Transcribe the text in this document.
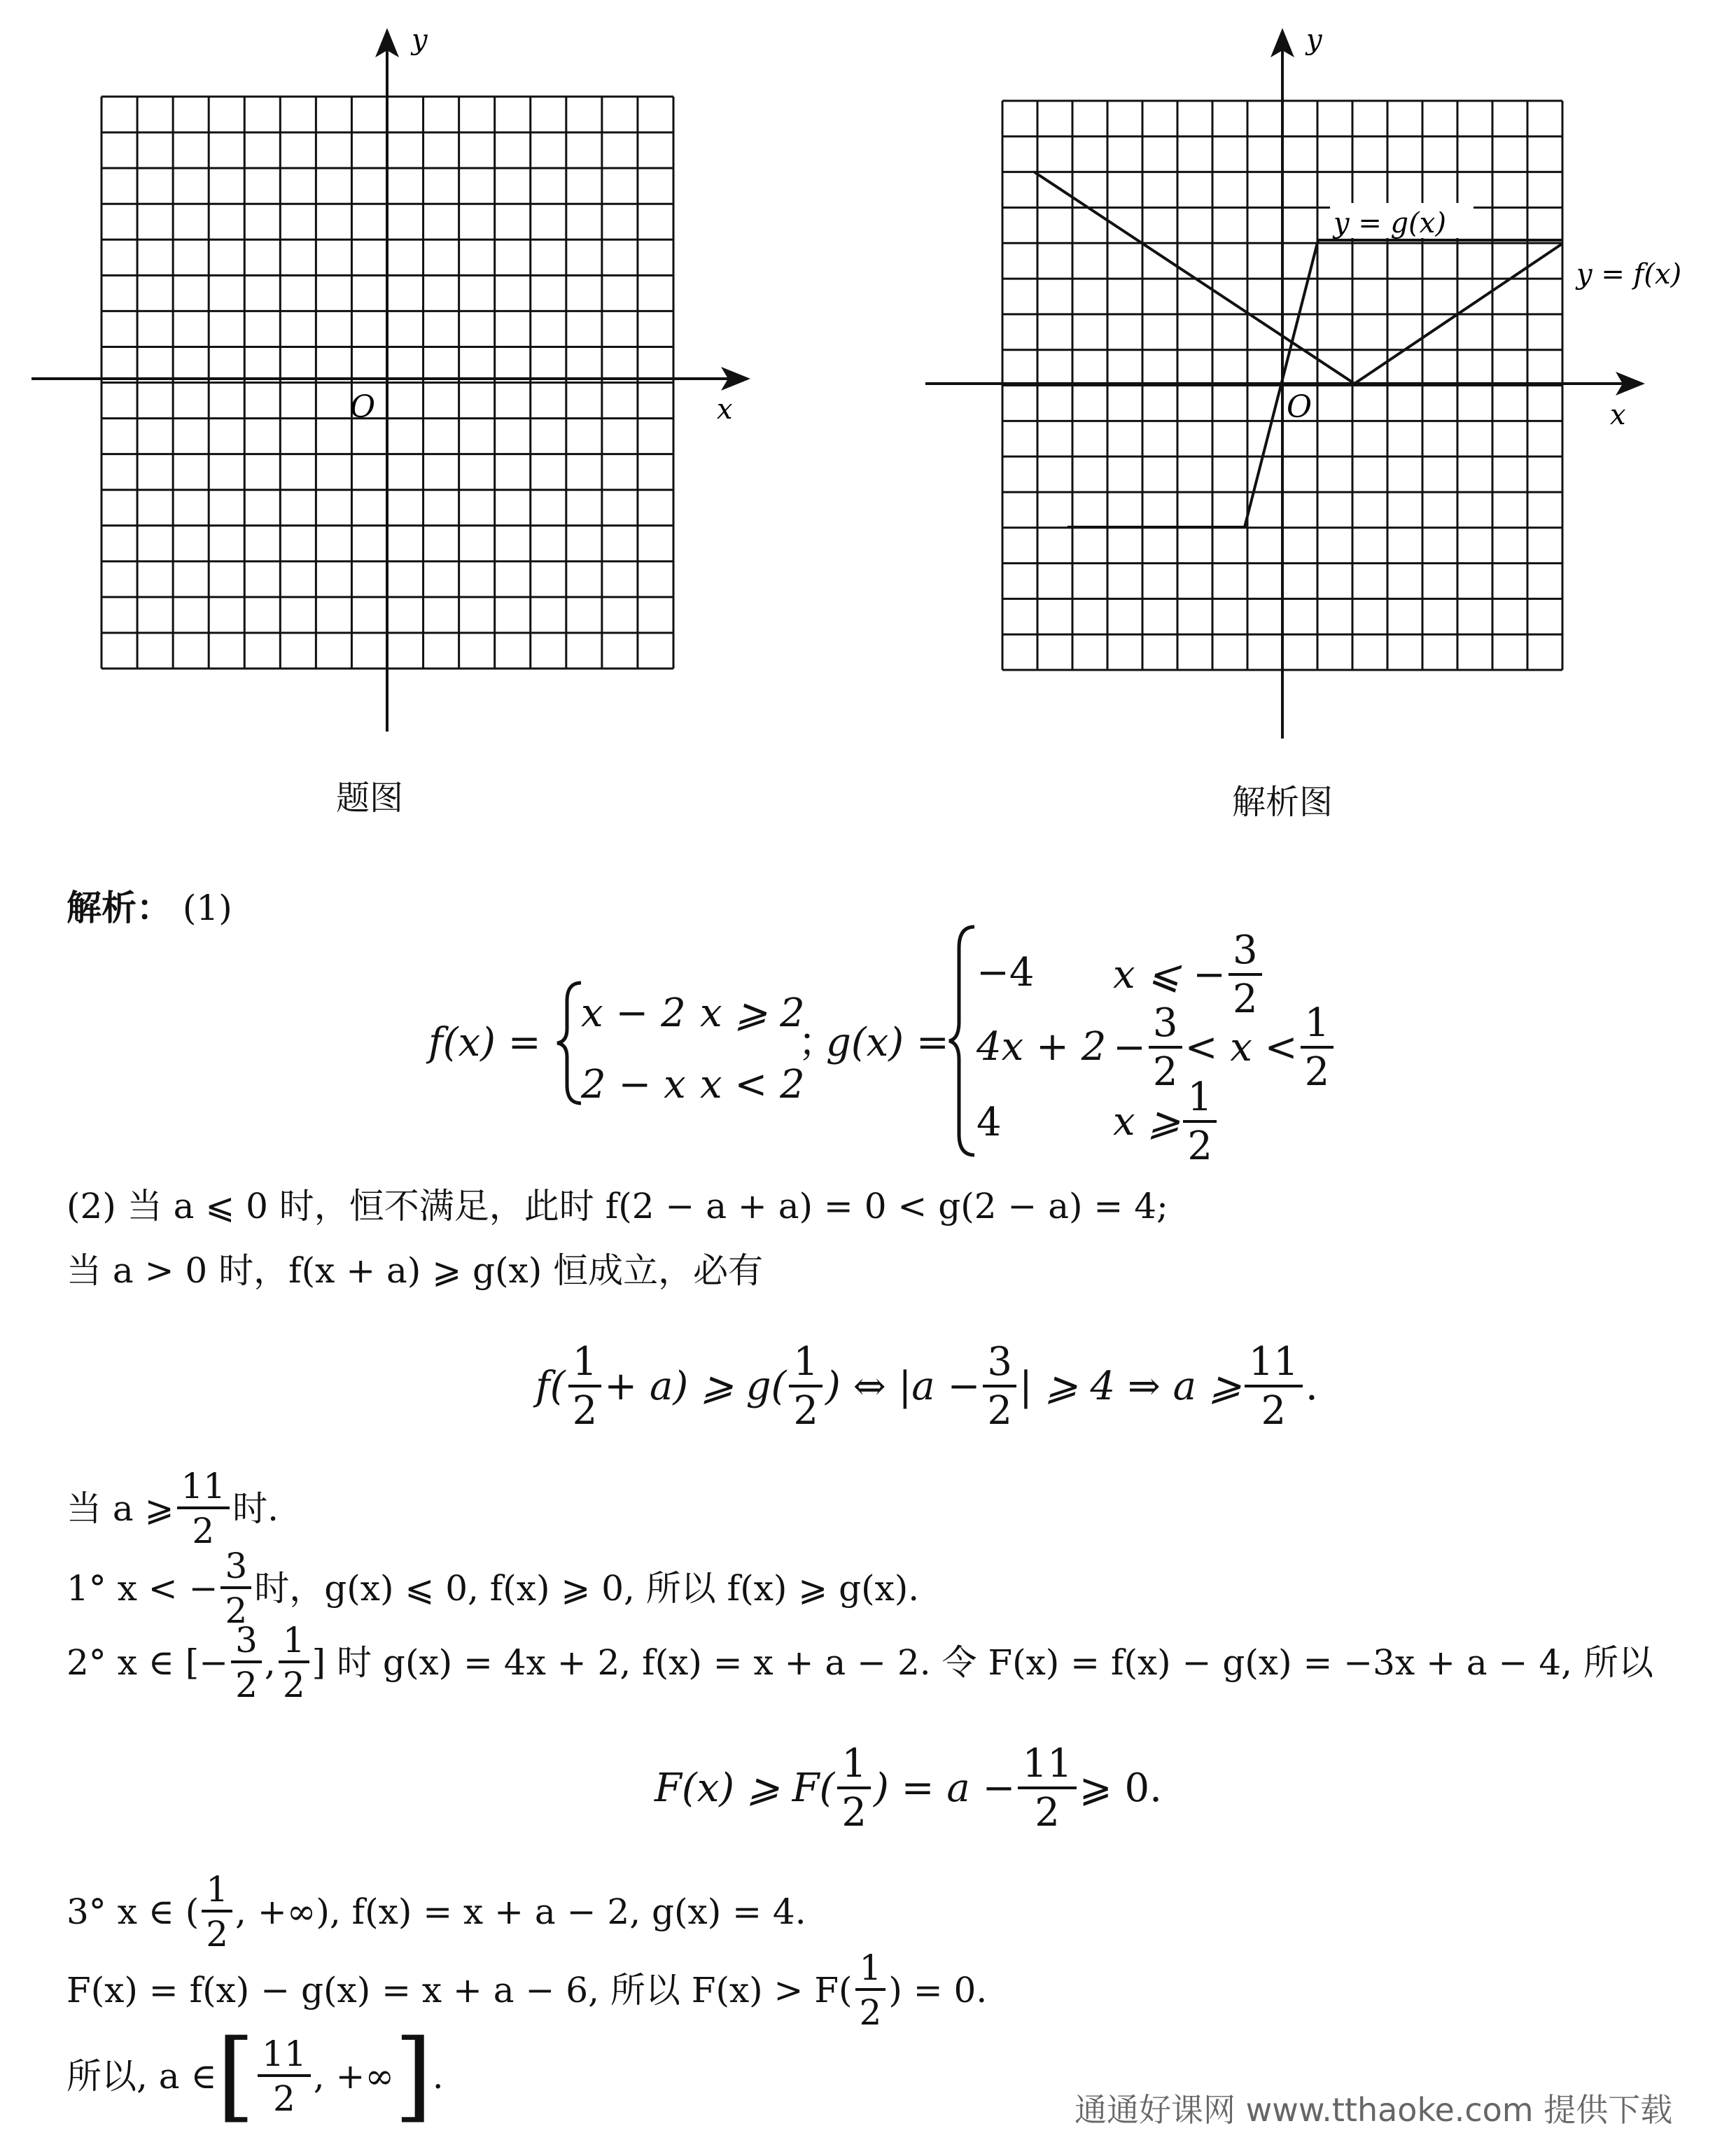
y
x
O
题图
y = g(x)
y = f(x)
y
x
O
解析图
解析： (1)
f(x) =
x − 2 x ⩾ 2
2 − x x < 2
；
g(x) =
−4 x ⩽ − $\frac{3}{2}$
$4x + 2 - \frac{3}{2} < x < \frac{1}{2}$
4	x ⩾ $\frac{1}{2}$
(2) 当 a ⩽ 0 时，恒不满足，此时 f(2 − a + a) = 0 < g(2 − a) = 4;
当 a > 0 时，f(x + a) ⩾ g(x) 恒成立，必有
$f( \frac{1}{2} + a)$ ⩾ $g( \frac{1}{2}$ ) ⇔ $|a - \frac{3}{2}$ | ⩾ 4 ⇒ a ⩾ $\frac{11}{2}$ .
当 a ⩾ $\frac{11}{2}$ 时.
1° x < − $\frac{3}{2}$ 时，g(x) ⩽ 0, f(x) ⩾ 0, 所以 f(x) ⩾ g(x).
2° x ∈ [− $\frac{3}{2}$ , $\frac{1}{2}$ ] 时 g(x) = 4x + 2, f(x) = x + a − 2. 令 F(x) = f(x) − g(x) = −3x + a − 4, 所以
F(x) ⩾ $F( \frac{1}{2}$ ) = $a - \frac{11}{2}$ ⩾ 0.
3° x ∈ ( $\frac{1}{2}$ , +∞), f(x) = x + a − 2, g(x) = 4.
F(x) = f(x) − g(x) = x + a − 6, 所以 $F(x) > F( \frac{1}{2}$ ) = 0.
所以, a ∈[ $\frac{11}{2}$ , +∞].
通通好课网 www.tthaoke.com 提供下载
